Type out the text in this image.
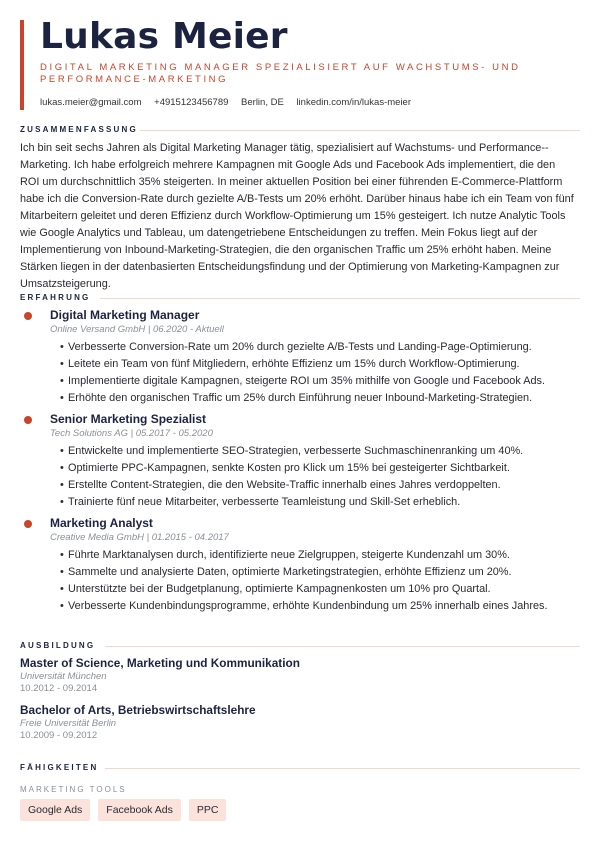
Lukas Meier
DIGITAL MARKETING MANAGER SPEZIALISIERT AUF WACHSTUMS- UND PERFORMANCE-MARKETING
lukas.meier@gmail.com +4915123456789 Berlin, DE linkedin.com/in/lukas-meier
ZUSAMMENFASSUNG
Ich bin seit sechs Jahren als Digital Marketing Manager tätig, spezialisiert auf Wachstums- und Performance-- Marketing. Ich habe erfolgreich mehrere Kampagnen mit Google Ads und Facebook Ads implementiert, die den ROI um durchschnittlich 35% steigerten. In meiner aktuellen Position bei einer führenden E-Commerce-Plattform habe ich die Conversion-Rate durch gezielte A/B-Tests um 20% erhöht. Darüber hinaus habe ich ein Team von fünf Mitarbeitern geleitet und deren Effizienz durch Workflow-Optimierung um 15% gesteigert. Ich nutze Analytic Tools wie Google Analytics und Tableau, um datengetriebene Entscheidungen zu treffen. Mein Fokus liegt auf der Implementierung von Inbound-Marketing-Strategien, die den organischen Traffic um 25% erhöht haben. Meine Stärken liegen in der datenbasierten Entscheidungsfindung und der Optimierung von Marketing-Kampagnen zur Umsatzsteigerung.
ERFAHRUNG
Digital Marketing Manager
Online Versand GmbH | 06.2020 - Aktuell
• Verbesserte Conversion-Rate um 20% durch gezielte A/B-Tests und Landing-Page-Optimierung.
• Leitete ein Team von fünf Mitgliedern, erhöhte Effizienz um 15% durch Workflow-Optimierung.
• Implementierte digitale Kampagnen, steigerte ROI um 35% mithilfe von Google und Facebook Ads.
• Erhöhte den organischen Traffic um 25% durch Einführung neuer Inbound-Marketing-Strategien.
Senior Marketing Spezialist
Tech Solutions AG | 05.2017 - 05.2020
• Entwickelte und implementierte SEO-Strategien, verbesserte Suchmaschinenranking um 40%.
• Optimierte PPC-Kampagnen, senkte Kosten pro Klick um 15% bei gesteigerter Sichtbarkeit.
• Erstellte Content-Strategien, die den Website-Traffic innerhalb eines Jahres verdoppelten.
• Trainierte fünf neue Mitarbeiter, verbesserte Teamleistung und Skill-Set erheblich.
Marketing Analyst
Creative Media GmbH | 01.2015 - 04.2017
• Führte Marktanalysen durch, identifizierte neue Zielgruppen, steigerte Kundenzahl um 30%.
• Sammelte und analysierte Daten, optimierte Marketingstrategien, erhöhte Effizienz um 20%.
• Unterstützte bei der Budgetplanung, optimierte Kampagnenkosten um 10% pro Quartal.
• Verbesserte Kundenbindungsprogramme, erhöhte Kundenbindung um 25% innerhalb eines Jahres.
AUSBILDUNG
Master of Science, Marketing und Kommunikation
Universität München
10.2012 - 09.2014
Bachelor of Arts, Betriebswirtschaftslehre
Freie Universität Berlin
10.2009 - 09.2012
FÄHIGKEITEN
MARKETING TOOLS
Google Ads	Facebook Ads	PPC
